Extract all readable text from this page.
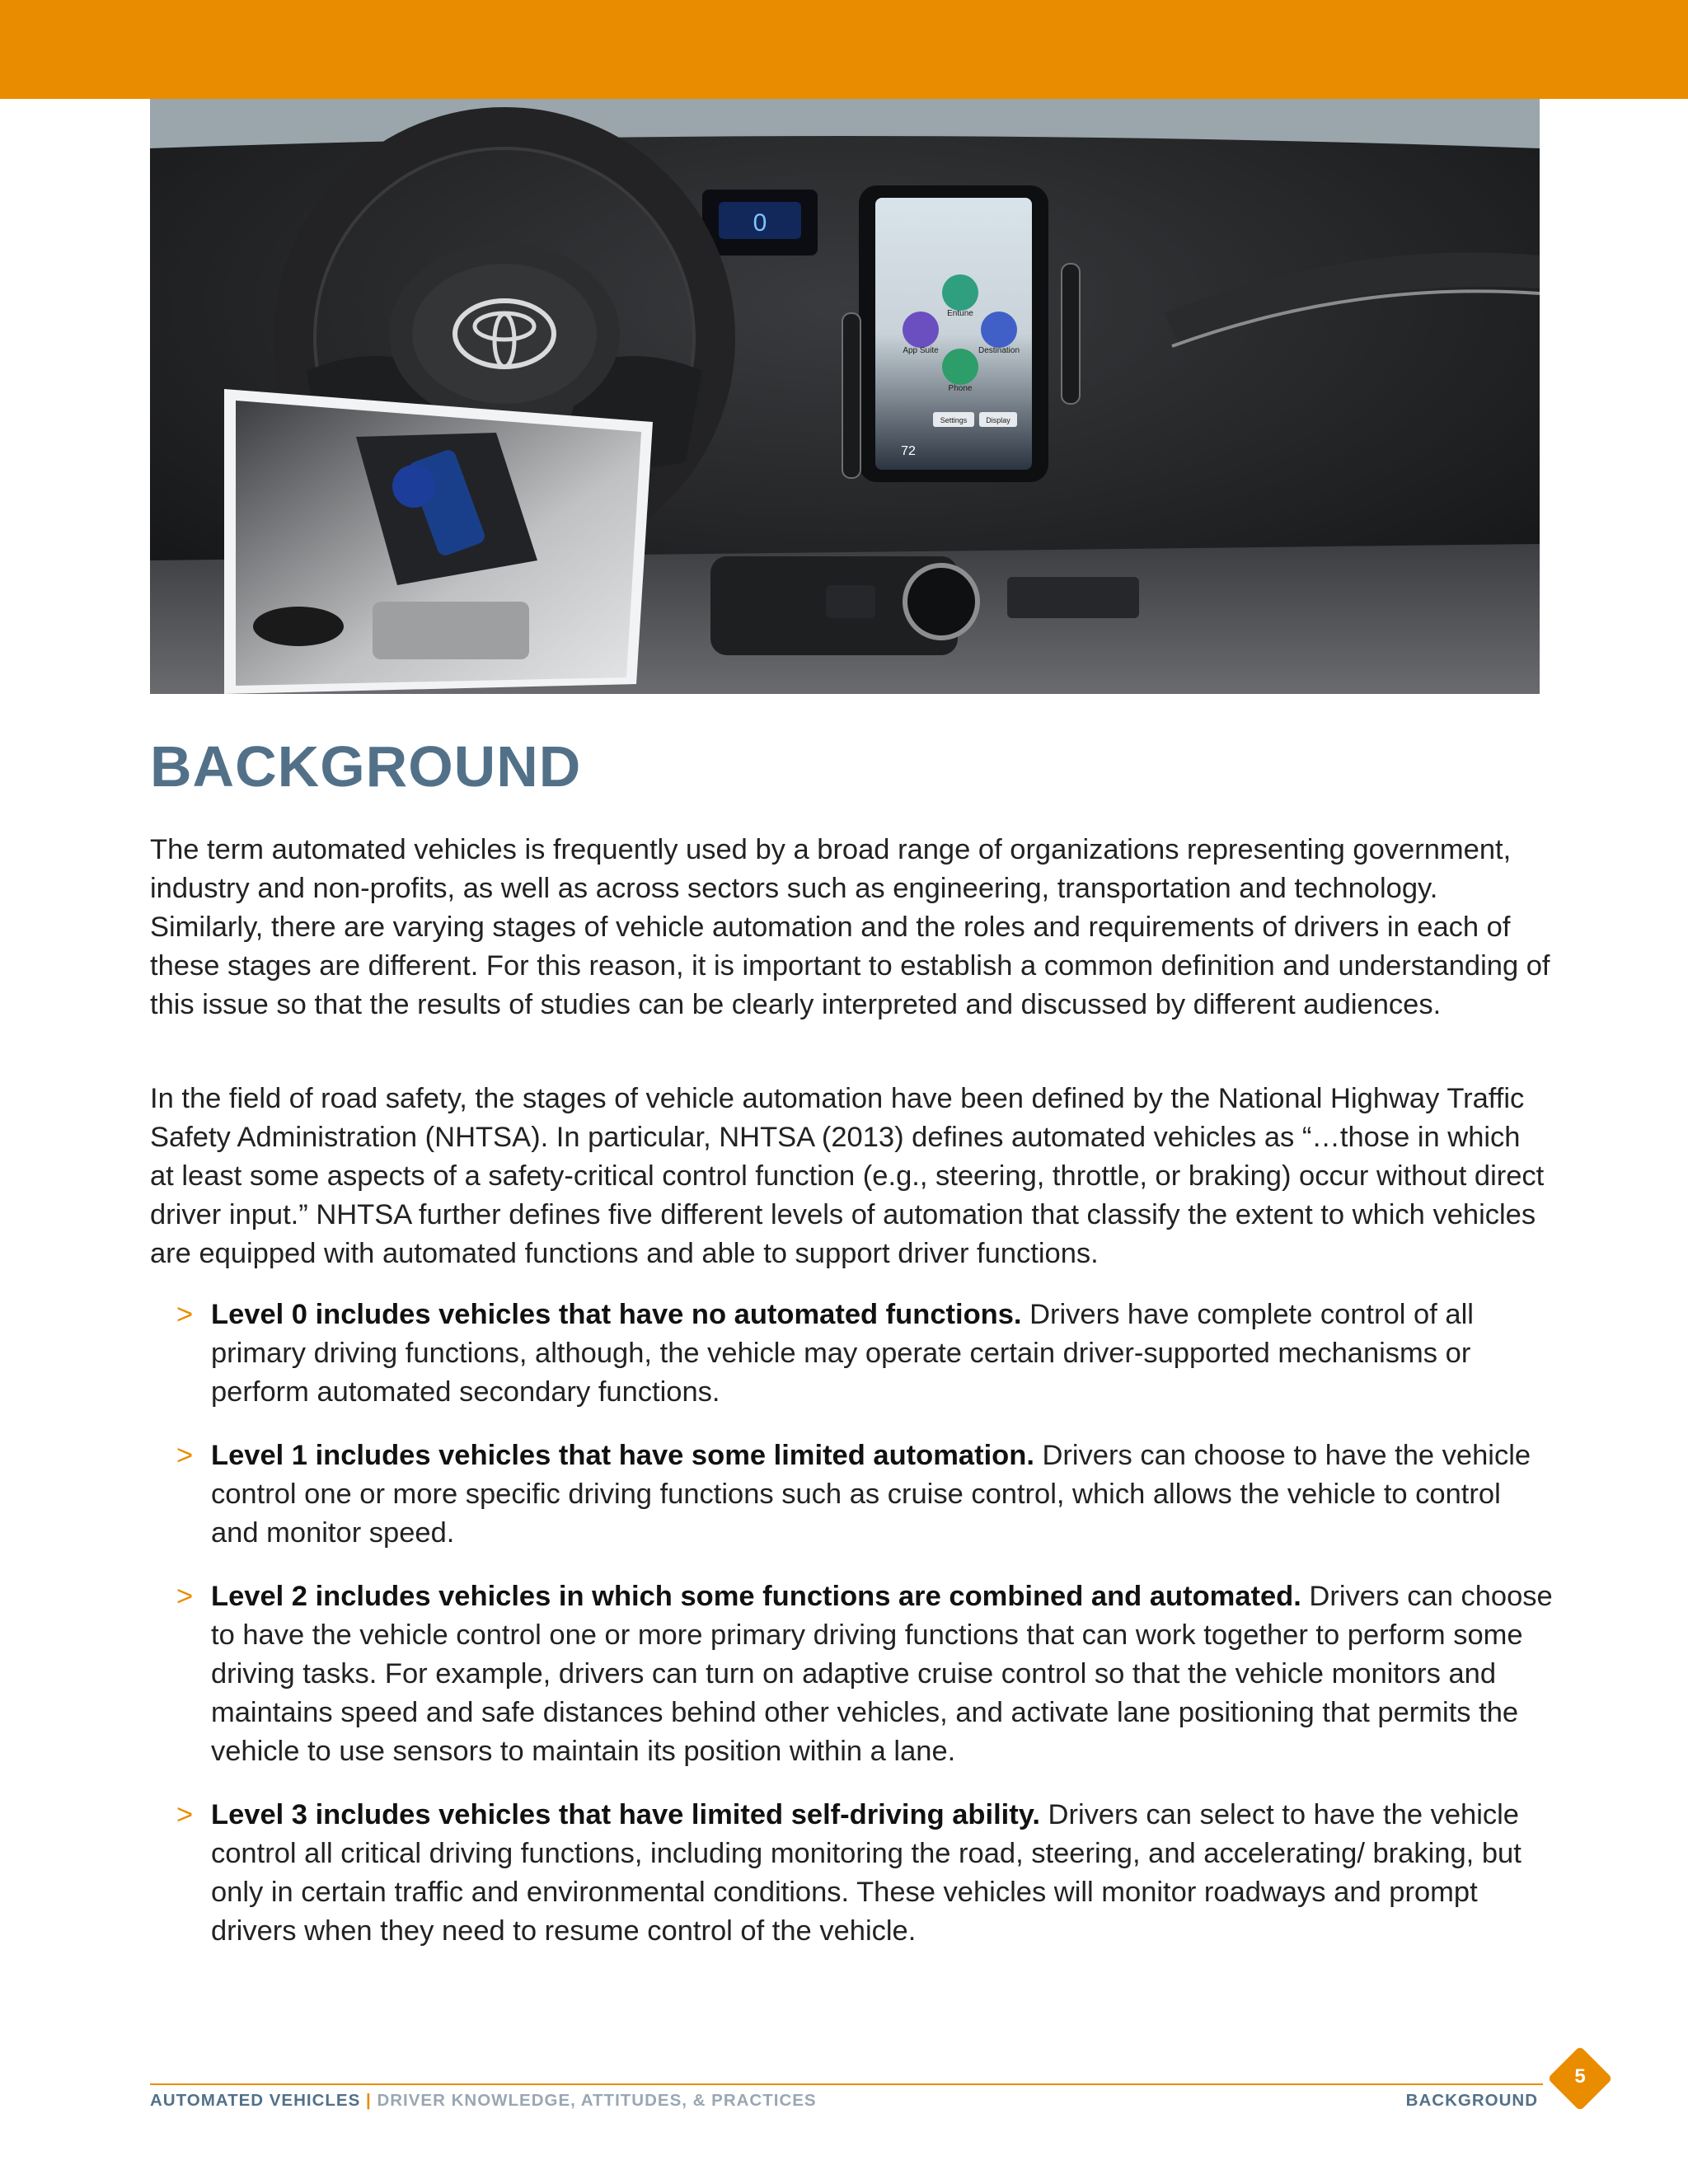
Entune
App Suite	Destination
Phone
Settings	Display
72
0
BACKGROUND

The term automated vehicles is frequently used by a broad range of organizations representing government, industry and non-profits, as well as across sectors such as engineering, transportation and technology. Similarly, there are varying stages of vehicle automation and the roles and requirements of drivers in each of these stages are different. For this reason, it is important to establish a common definition and understanding of this issue so that the results of studies can be clearly interpreted and discussed by different audiences.

In the field of road safety, the stages of vehicle automation have been defined by the National Highway Traffic Safety Administration (NHTSA). In particular, NHTSA (2013) defines automated vehicles as “…those in which at least some aspects of a safety-critical control function (e.g., steering, throttle, or braking) occur without direct driver input.” NHTSA further defines five different levels of automation that classify the extent to which vehicles are equipped with automated functions and able to support driver functions.

> Level 0 includes vehicles that have no automated functions. Drivers have complete control of all primary driving functions, although, the vehicle may operate certain driver-supported mechanisms or perform automated secondary functions.

> Level 1 includes vehicles that have some limited automation. Drivers can choose to have the vehicle control one or more specific driving functions such as cruise control, which allows the vehicle to control and monitor speed.

> Level 2 includes vehicles in which some functions are combined and automated. Drivers can choose to have the vehicle control one or more primary driving functions that can work together to perform some driving tasks. For example, drivers can turn on adaptive cruise control so that the vehicle monitors and maintains speed and safe distances behind other vehicles, and activate lane positioning that permits the vehicle to use sensors to maintain its position within a lane.

> Level 3 includes vehicles that have limited self-driving ability. Drivers can select to have the vehicle control all critical driving functions, including monitoring the road, steering, and accelerating/ braking, but only in certain traffic and environmental conditions. These vehicles will monitor roadways and prompt drivers when they need to resume control of the vehicle.

AUTOMATED VEHICLES | DRIVER KNOWLEDGE, ATTITUDES, & PRACTICES	BACKGROUND
5
